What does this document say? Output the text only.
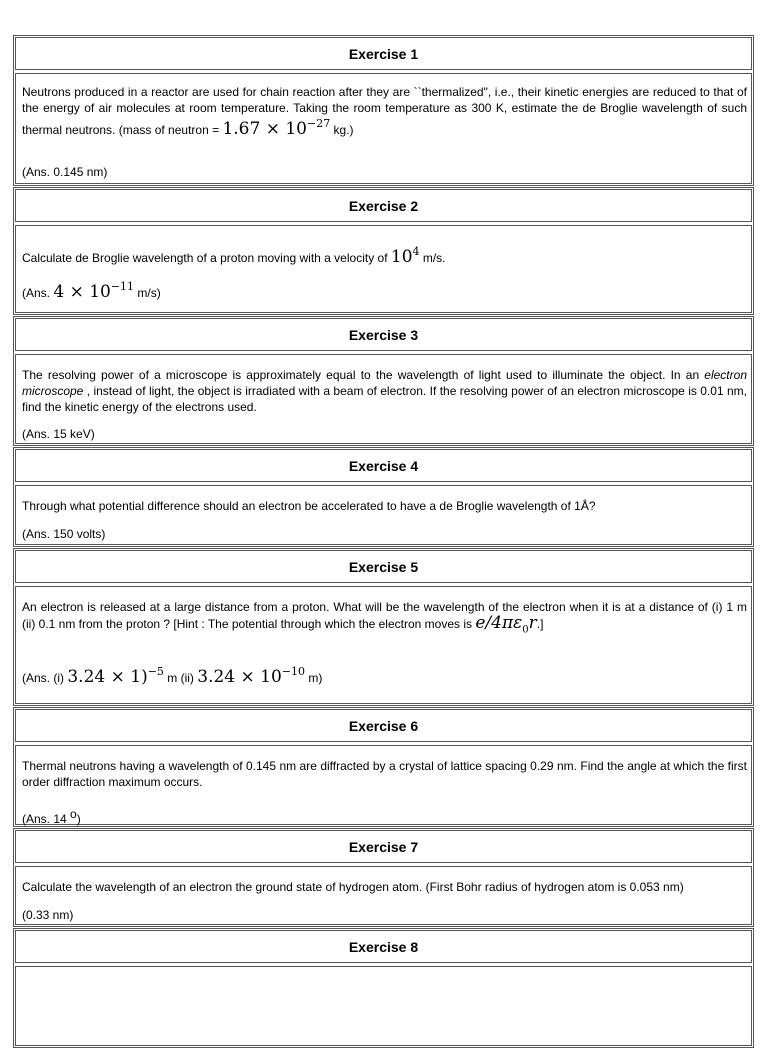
Exercise 1
Neutrons produced in a reactor are used for chain reaction after they are ``thermalized", i.e., their kinetic energies are reduced to that of the energy of air molecules at room temperature. Taking the room temperature as 300 K, estimate the de Broglie wavelength of such thermal neutrons. (mass of neutron = $1.67 \times 10^{-27}$ kg.)
(Ans. 0.145 nm)
Exercise 2
Calculate de Broglie wavelength of a proton moving with a velocity of $10^4$ m/s.
(Ans. $4 \times 10^{-11}$ m/s)
Exercise 3
The resolving power of a microscope is approximately equal to the wavelength of light used to illuminate the object. In an electron microscope , instead of light, the object is irradiated with a beam of electron. If the resolving power of an electron microscope is 0.01 nm, find the kinetic energy of the electrons used.
(Ans. 15 keV)
Exercise 4
Through what potential difference should an electron be accelerated to have a de Broglie wavelength of 1Å?
(Ans. 150 volts)
Exercise 5
An electron is released at a large distance from a proton. What will be the wavelength of the electron when it is at a distance of (i) 1 m (ii) 0.1 nm from the proton ? [Hint : The potential through which the electron moves is $e/4\pi\varepsilon_0r$.]
(Ans. (i) 3.24 × 1)$^{-5}$ m (ii) $3.24 \times 10^{-10}$ m)
Exercise 6
Thermal neutrons having a wavelength of 0.145 nm are diffracted by a crystal of lattice spacing 0.29 nm. Find the angle at which the first order diffraction maximum occurs.
(Ans. 14 $^o$)
Exercise 7
Calculate the wavelength of an electron the ground state of hydrogen atom. (First Bohr radius of hydrogen atom is 0.053 nm)
(0.33 nm)
Exercise 8
